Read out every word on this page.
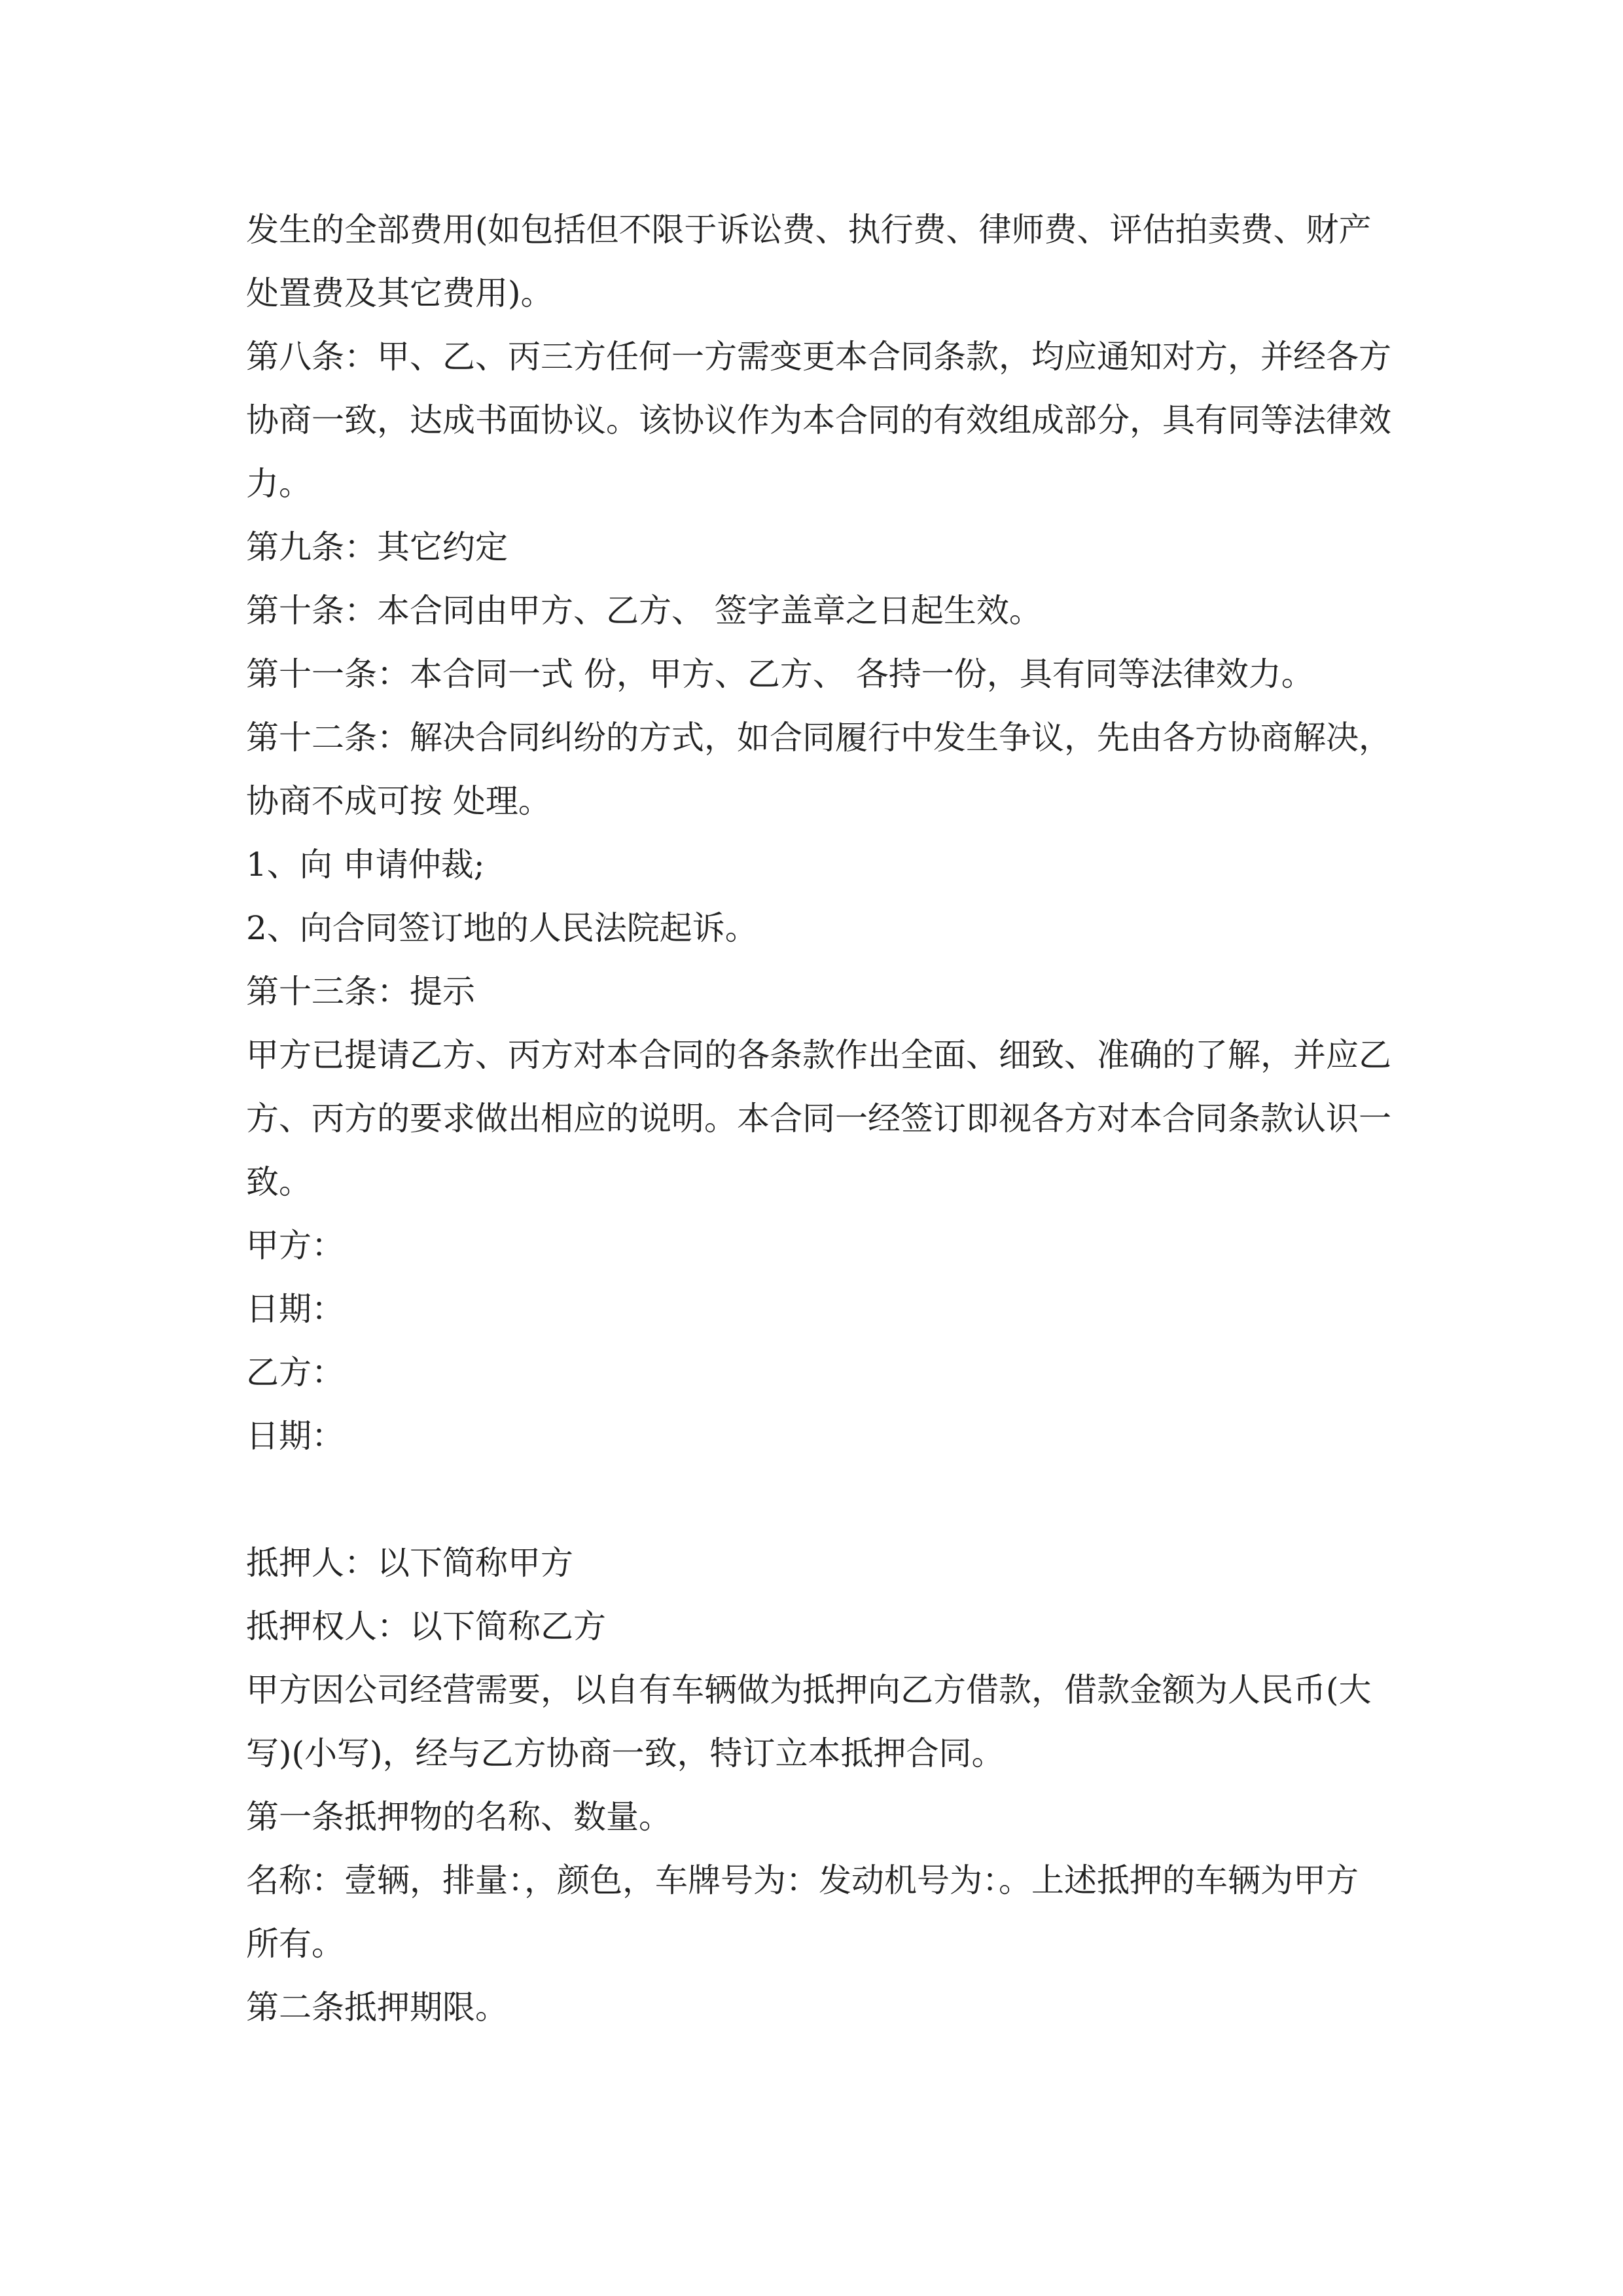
发生的全部费用(如包括但不限于诉讼费、执行费、律师费、评估拍卖费、财产
处置费及其它费用)。
第八条：甲、乙、丙三方任何一方需变更本合同条款，均应通知对方，并经各方
协商一致，达成书面协议。该协议作为本合同的有效组成部分，具有同等法律效
力。
第九条：其它约定
第十条：本合同由甲方、乙方、 签字盖章之日起生效。
第十一条：本合同一式 份，甲方、乙方、 各持一份，具有同等法律效力。
第十二条：解决合同纠纷的方式，如合同履行中发生争议，先由各方协商解决，
协商不成可按 处理。
1、向 申请仲裁;
2、向合同签订地的人民法院起诉。
第十三条：提示
甲方已提请乙方、丙方对本合同的各条款作出全面、细致、准确的了解，并应乙
方、丙方的要求做出相应的说明。本合同一经签订即视各方对本合同条款认识一
致。
甲方：
日期：
乙方：
日期：
抵押人：以下简称甲方
抵押权人：以下简称乙方
甲方因公司经营需要，以自有车辆做为抵押向乙方借款，借款金额为人民币(大
写)(小写)，经与乙方协商一致，特订立本抵押合同。
第一条抵押物的名称、数量。
名称：壹辆，排量：，颜色，车牌号为：发动机号为：。上述抵押的车辆为甲方
所有。
第二条抵押期限。
